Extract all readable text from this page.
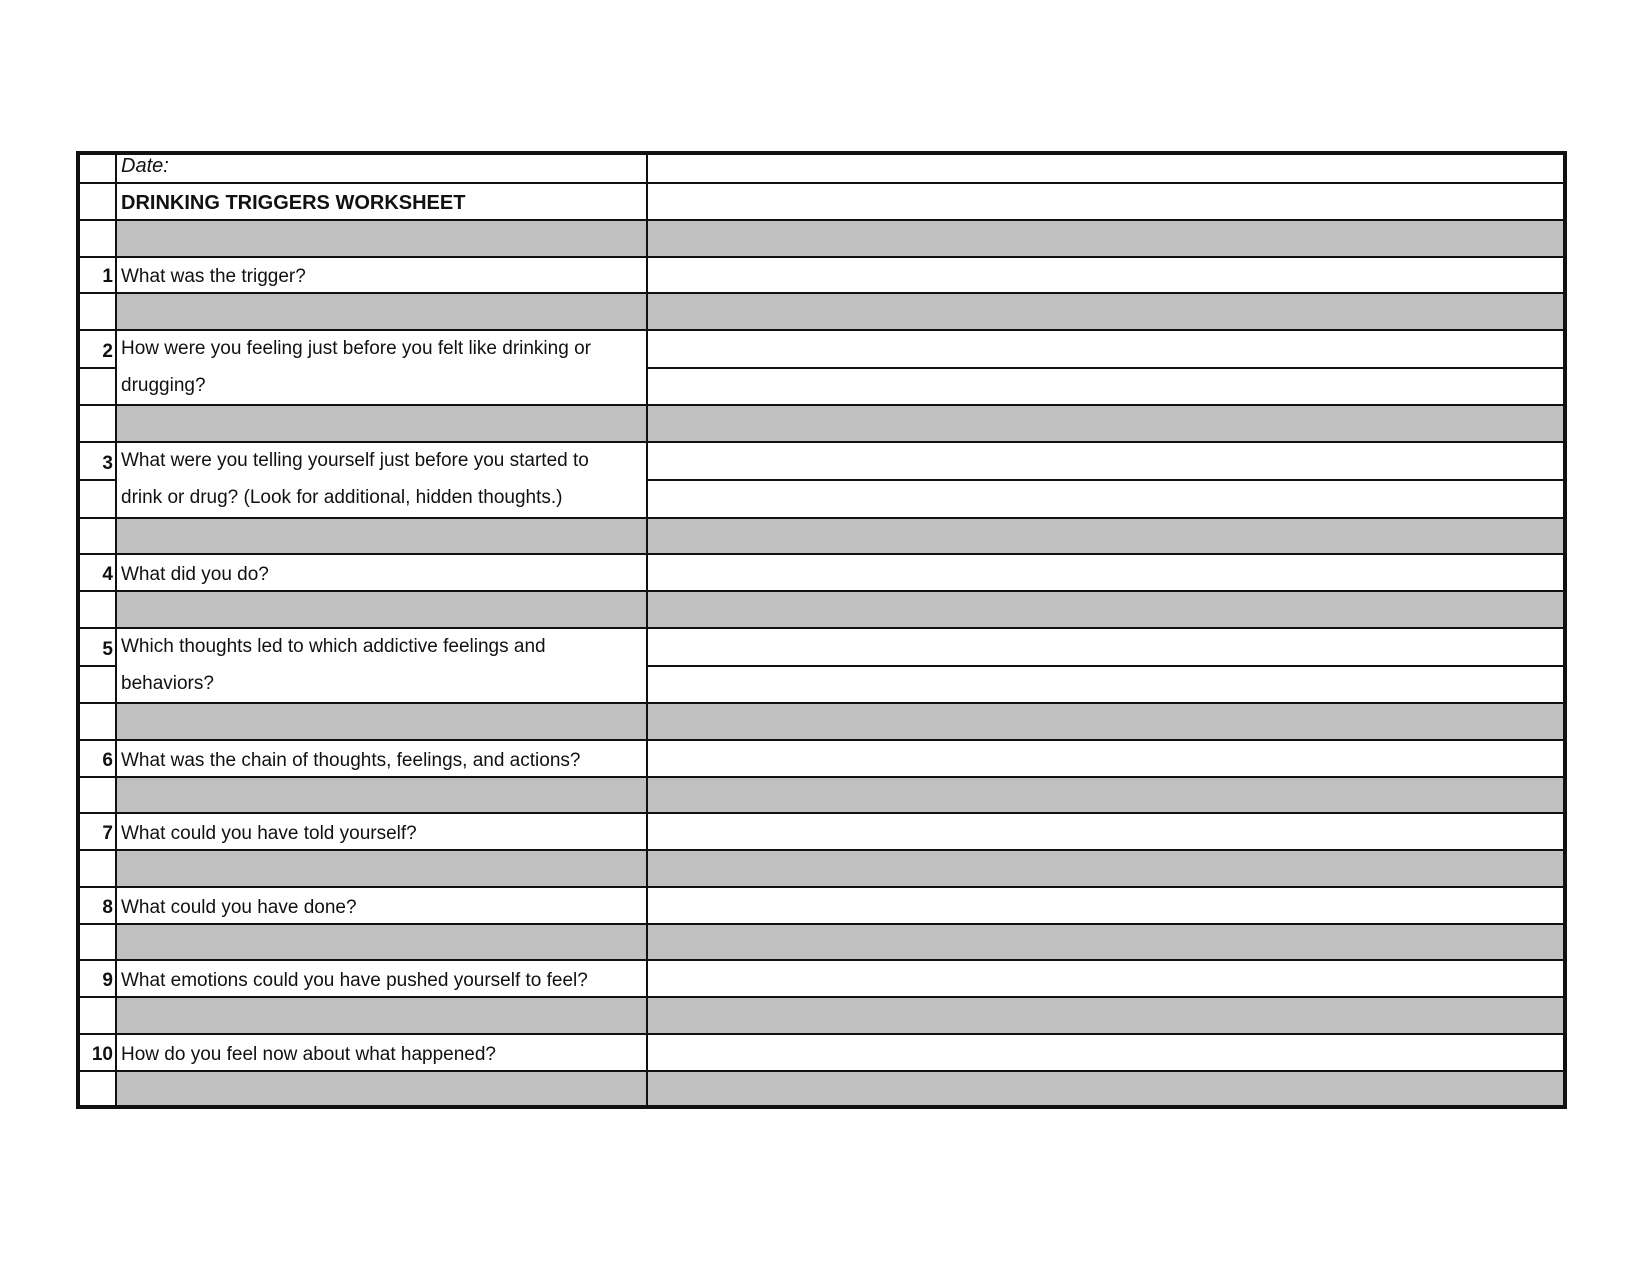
	Date:	
	DRINKING TRIGGERS WORKSHEET	

1	What was the trigger?	

2	How were you feeling just before you felt like drinking or
drugging?	

3	What were you telling yourself just before you started to
drink or drug? (Look for additional, hidden thoughts.)	

4	What did you do?	

5	Which thoughts led to which addictive feelings and
behaviors?	

6	What was the chain of thoughts, feelings, and actions?	

7	What could you have told yourself?	

8	What could you have done?	

9	What emotions could you have pushed yourself to feel?	

10	How do you feel now about what happened?	
